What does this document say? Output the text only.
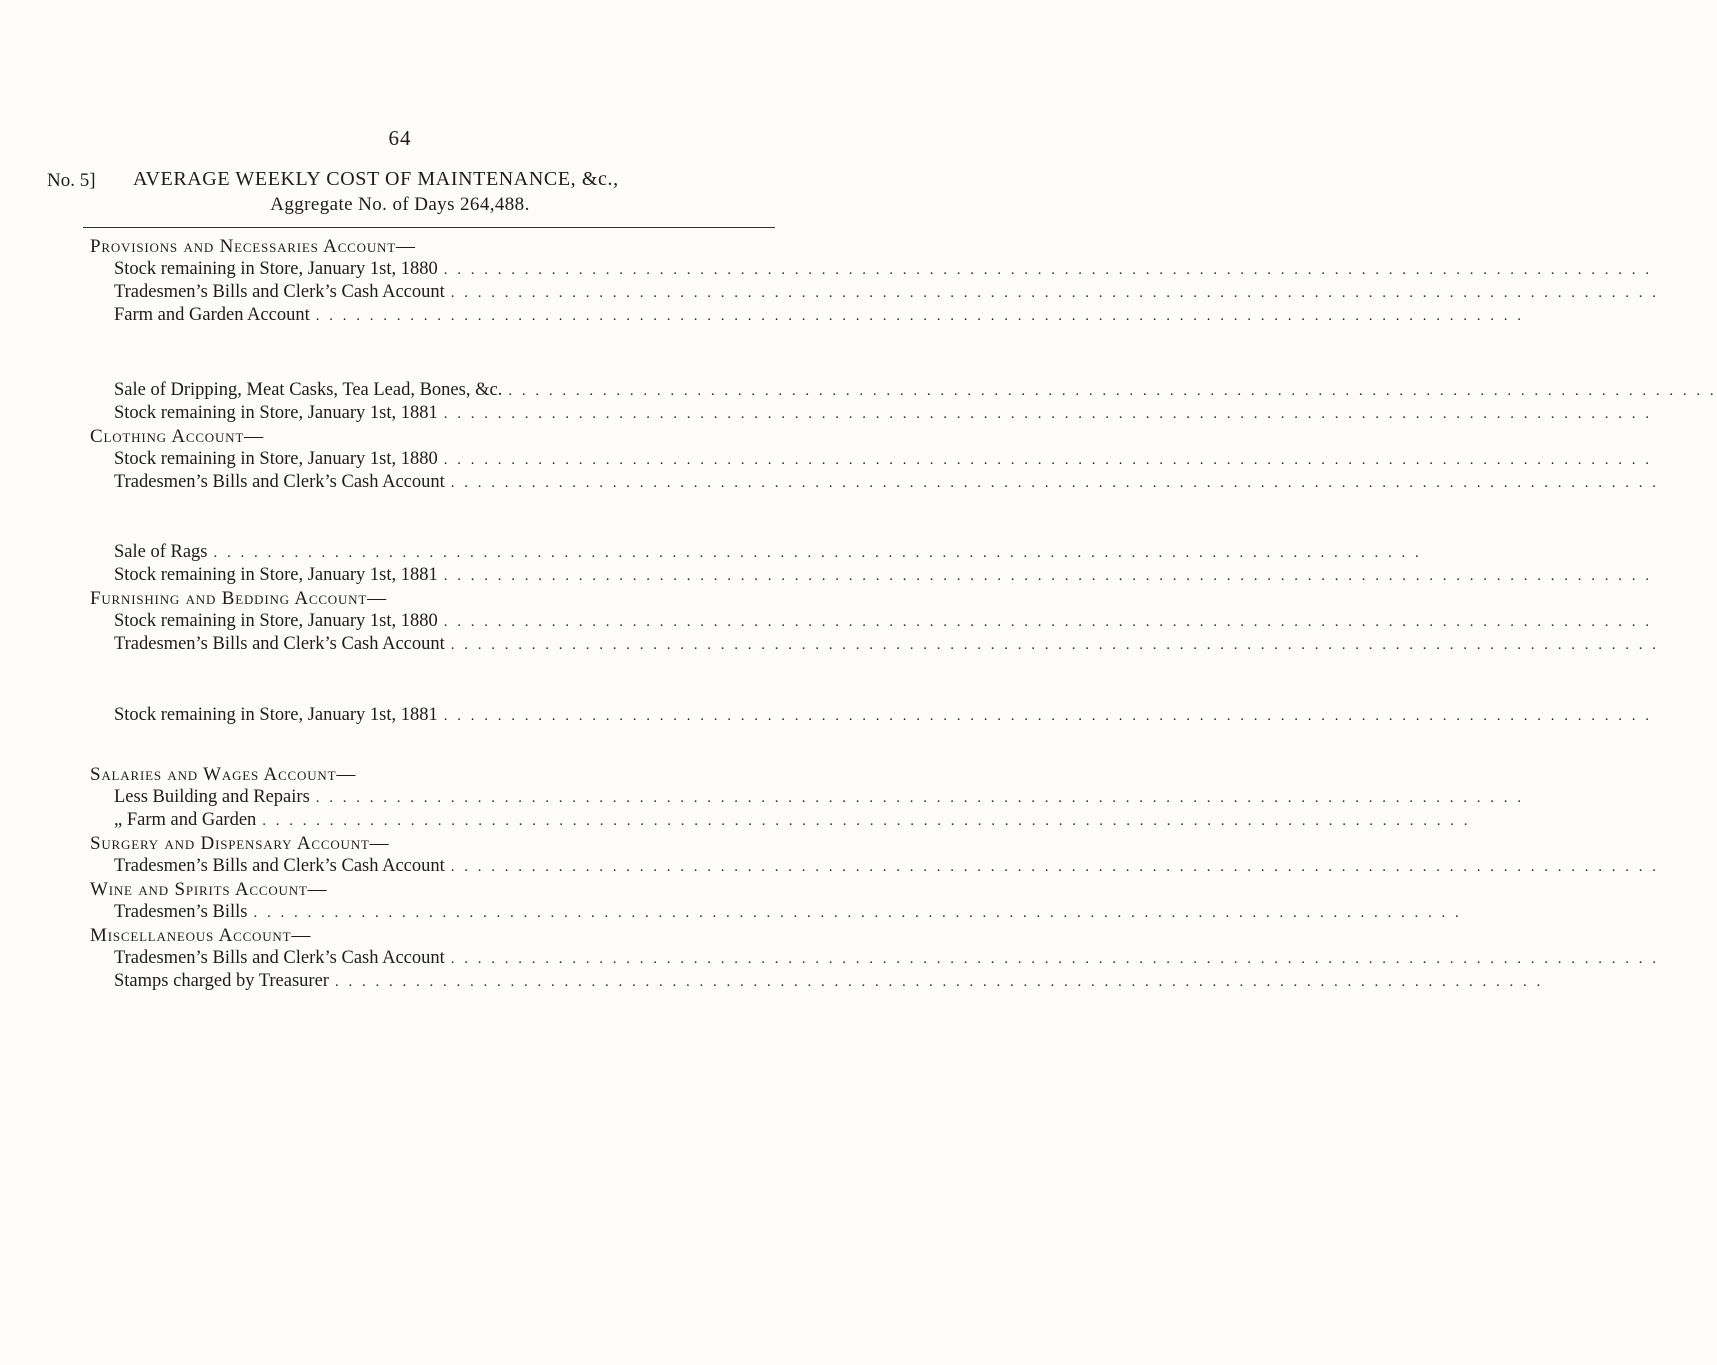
64
No. 5] AVERAGE WEEKLY COST OF MAINTENANCE, &c.,
Aggregate No. of Days 264,488.
Provisions and Necessaries Account—
Stock remaining in Store, January 1st, 1880 . . . . . . . . . . . . . . . . . . . . . . . . . . . . . . . . . . . . . . . . . . . . . . . . . . . . . . . . . . . . . . . . . . . . . . . . . . . . . . . . . . . . . . . . . .
Tradesmen’s Bills and Clerk’s Cash Account . . . . . . . . . . . . . . . . . . . . . . . . . . . . . . . . . . . . . . . . . . . . . . . . . . . . . . . . . . . . . . . . . . . . . . . . . . . . . . . . . . . . . . . . . .
Farm and Garden Account . . . . . . . . . . . . . . . . . . . . . . . . . . . . . . . . . . . . . . . . . . . . . . . . . . . . . . . . . . . . . . . . . . . . . . . . . . . . . . . . . . . . . . . . . .
Sale of Dripping, Meat Casks, Tea Lead, Bones, &c. . . . . . . . . . . . . . . . . . . . . . . . . . . . . . . . . . . . . . . . . . . . . . . . . . . . . . . . . . . . . . . . . . . . . . . . . . . . . . . . . . . . . . . . . . .
Stock remaining in Store, January 1st, 1881 . . . . . . . . . . . . . . . . . . . . . . . . . . . . . . . . . . . . . . . . . . . . . . . . . . . . . . . . . . . . . . . . . . . . . . . . . . . . . . . . . . . . . . . . . .
Clothing Account—
Stock remaining in Store, January 1st, 1880 . . . . . . . . . . . . . . . . . . . . . . . . . . . . . . . . . . . . . . . . . . . . . . . . . . . . . . . . . . . . . . . . . . . . . . . . . . . . . . . . . . . . . . . . . .
Tradesmen’s Bills and Clerk’s Cash Account . . . . . . . . . . . . . . . . . . . . . . . . . . . . . . . . . . . . . . . . . . . . . . . . . . . . . . . . . . . . . . . . . . . . . . . . . . . . . . . . . . . . . . . . . .
Sale of Rags . . . . . . . . . . . . . . . . . . . . . . . . . . . . . . . . . . . . . . . . . . . . . . . . . . . . . . . . . . . . . . . . . . . . . . . . . . . . . . . . . . . . . . . . . .
Stock remaining in Store, January 1st, 1881 . . . . . . . . . . . . . . . . . . . . . . . . . . . . . . . . . . . . . . . . . . . . . . . . . . . . . . . . . . . . . . . . . . . . . . . . . . . . . . . . . . . . . . . . . .
Furnishing and Bedding Account—
Stock remaining in Store, January 1st, 1880 . . . . . . . . . . . . . . . . . . . . . . . . . . . . . . . . . . . . . . . . . . . . . . . . . . . . . . . . . . . . . . . . . . . . . . . . . . . . . . . . . . . . . . . . . .
Tradesmen’s Bills and Clerk’s Cash Account . . . . . . . . . . . . . . . . . . . . . . . . . . . . . . . . . . . . . . . . . . . . . . . . . . . . . . . . . . . . . . . . . . . . . . . . . . . . . . . . . . . . . . . . . .
Stock remaining in Store, January 1st, 1881 . . . . . . . . . . . . . . . . . . . . . . . . . . . . . . . . . . . . . . . . . . . . . . . . . . . . . . . . . . . . . . . . . . . . . . . . . . . . . . . . . . . . . . . . . .
Salaries and Wages Account—
Less Building and Repairs . . . . . . . . . . . . . . . . . . . . . . . . . . . . . . . . . . . . . . . . . . . . . . . . . . . . . . . . . . . . . . . . . . . . . . . . . . . . . . . . . . . . . . . . . .
„ Farm and Garden . . . . . . . . . . . . . . . . . . . . . . . . . . . . . . . . . . . . . . . . . . . . . . . . . . . . . . . . . . . . . . . . . . . . . . . . . . . . . . . . . . . . . . . . . .
Surgery and Dispensary Account—
Tradesmen’s Bills and Clerk’s Cash Account . . . . . . . . . . . . . . . . . . . . . . . . . . . . . . . . . . . . . . . . . . . . . . . . . . . . . . . . . . . . . . . . . . . . . . . . . . . . . . . . . . . . . . . . . .
Wine and Spirits Account—
Tradesmen’s Bills . . . . . . . . . . . . . . . . . . . . . . . . . . . . . . . . . . . . . . . . . . . . . . . . . . . . . . . . . . . . . . . . . . . . . . . . . . . . . . . . . . . . . . . . . .
Miscellaneous Account—
Tradesmen’s Bills and Clerk’s Cash Account . . . . . . . . . . . . . . . . . . . . . . . . . . . . . . . . . . . . . . . . . . . . . . . . . . . . . . . . . . . . . . . . . . . . . . . . . . . . . . . . . . . . . . . . . .
Stamps charged by Treasurer . . . . . . . . . . . . . . . . . . . . . . . . . . . . . . . . . . . . . . . . . . . . . . . . . . . . . . . . . . . . . . . . . . . . . . . . . . . . . . . . . . . . . . . . . .
